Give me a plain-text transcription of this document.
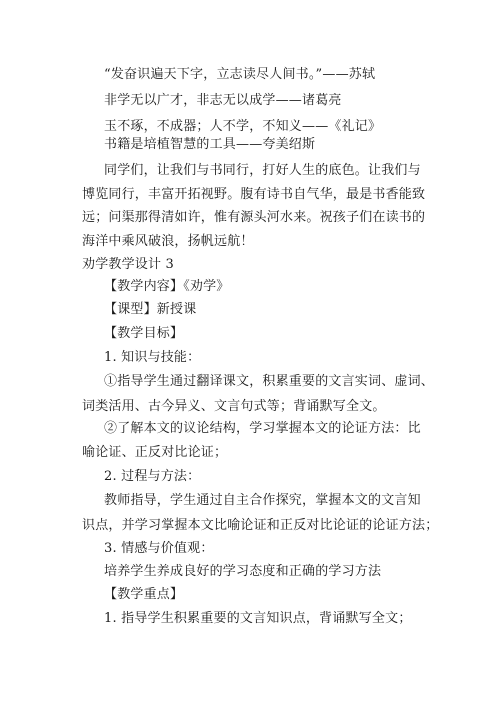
“发奋识遍天下字，立志读尽人间书。”——苏轼
非学无以广才，非志无以成学——诸葛亮
玉不琢，不成器；人不学，不知义——《礼记》
书籍是培植智慧的工具——夸美绍斯
同学们，让我们与书同行，打好人生的底色。让我们与
博览同行，丰富开拓视野。腹有诗书自气华，最是书香能致
远；问渠那得清如许，惟有源头河水来。祝孩子们在读书的
海洋中乘风破浪，扬帆远航！
劝学教学设计 3
【教学内容】《劝学》
【课型】新授课
【教学目标】
1. 知识与技能：
①指导学生通过翻译课文，积累重要的文言实词、虚词、
词类活用、古今异义、文言句式等；背诵默写全文。
②了解本文的议论结构，学习掌握本文的论证方法：比
喻论证、正反对比论证；
2. 过程与方法：
教师指导，学生通过自主合作探究，掌握本文的文言知
识点，并学习掌握本文比喻论证和正反对比论证的论证方法；
3. 情感与价值观：
培养学生养成良好的学习态度和正确的学习方法
【教学重点】
1. 指导学生积累重要的文言知识点，背诵默写全文；
